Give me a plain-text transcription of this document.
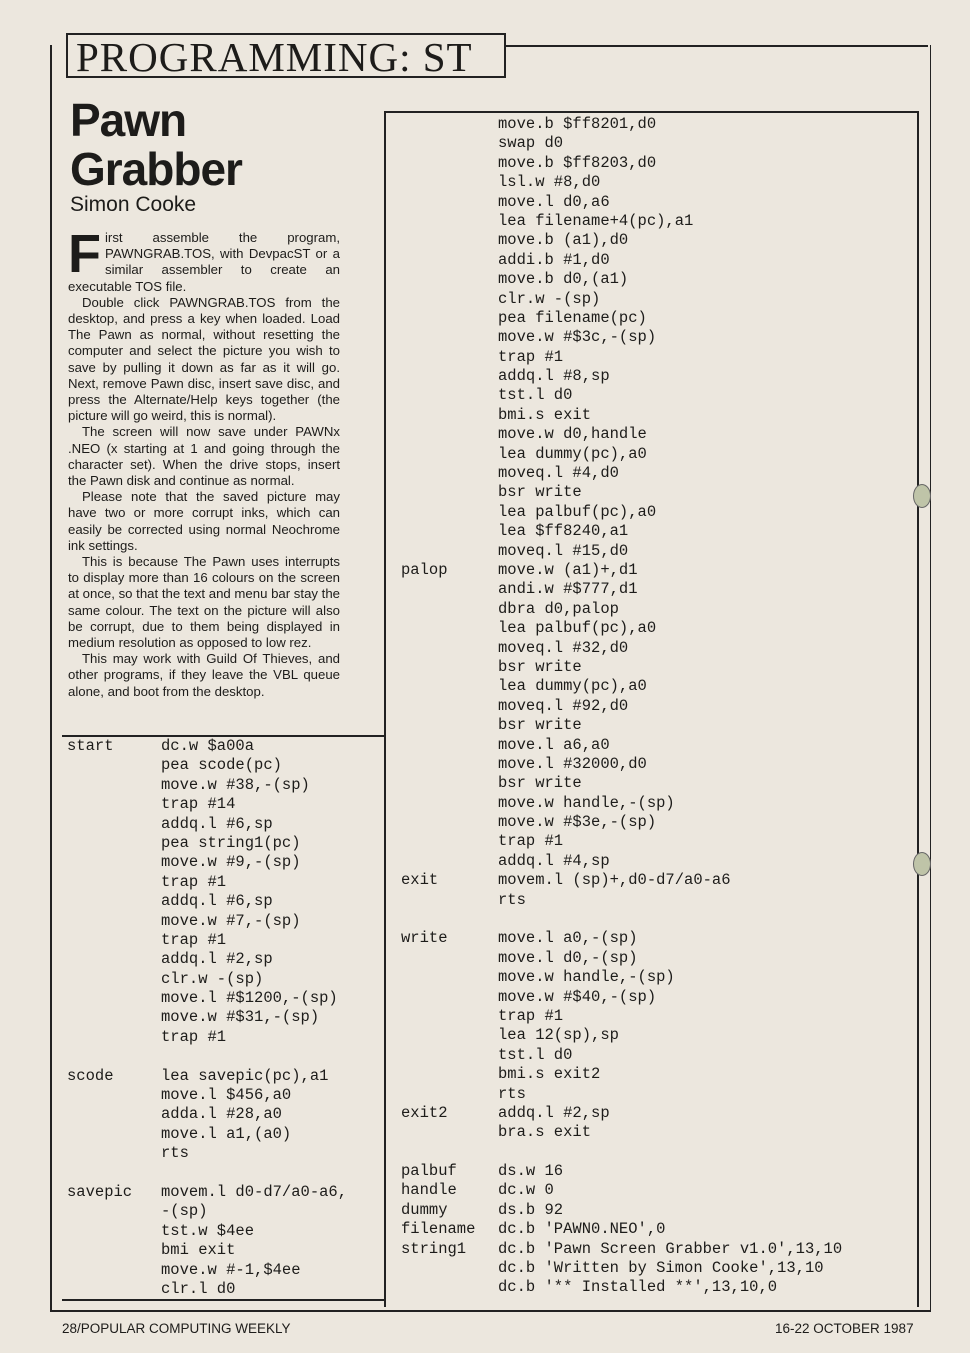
PROGRAMMING: ST
Pawn
Grabber
Simon Cooke

First assemble the program, PAWNGRAB.TOS, with DevpacST or a similar assembler to create an executable TOS file.

Double click PAWNGRAB.TOS from the desktop, and press a key when loaded. Load The Pawn as normal, without resetting the computer and select the picture you wish to save by pulling it down as far as it will go. Next, remove Pawn disc, insert save disc, and press the Alternate/Help keys together (the picture will go weird, this is normal).

The screen will now save under PAWNx .NEO (x starting at 1 and going through the character set). When the drive stops, insert the Pawn disk and continue as normal.

Please note that the saved picture may have two or more corrupt inks, which can easily be corrected using normal Neochrome ink settings.

This is because The Pawn uses interrupts to display more than 16 colours on the screen at once, so that the text and menu bar stay the same colour. The text on the picture will also be corrupt, due to them being displayed in medium resolution as opposed to low rez.

This may work with Guild Of Thieves, and other programs, if they leave the VBL queue alone, and boot from the desktop.

start	dc.w $a00a
pea scode(pc)
move.w #38,-(sp)
trap #14
addq.l #6,sp
pea string1(pc)
move.w #9,-(sp)
trap #1
addq.l #6,sp
move.w #7,-(sp)
trap #1
addq.l #2,sp
clr.w -(sp)
move.l #$1200,-(sp)
move.w #$31,-(sp)
trap #1
scode	lea savepic(pc),a1
move.l $456,a0
adda.l #28,a0
move.l a1,(a0)
rts
savepic movem.l d0-d7/a0-a6,
-(sp)
tst.w $4ee
bmi exit
move.w #-1,$4ee
clr.l d0
move.b $ff8201,d0
swap d0
move.b $ff8203,d0
lsl.w #8,d0
move.l d0,a6
lea filename+4(pc),a1
move.b (a1),d0
addi.b #1,d0
move.b d0,(a1)
clr.w -(sp)
pea filename(pc)
move.w #$3c,-(sp)
trap #1
addq.l #8,sp
tst.l d0
bmi.s exit
move.w d0,handle
lea dummy(pc),a0
moveq.l #4,d0
bsr write
lea palbuf(pc),a0
lea $ff8240,a1
moveq.l #15,d0
palop	move.w (a1)+,d1
andi.w #$777,d1
dbra d0,palop
lea palbuf(pc),a0
moveq.l #32,d0
bsr write
lea dummy(pc),a0
moveq.l #92,d0
bsr write
move.l a6,a0
move.l #32000,d0
bsr write
move.w handle,-(sp)
move.w #$3e,-(sp)
trap #1
addq.l #4,sp
exit	movem.l (sp)+,d0-d7/a0-a6
rts
write	move.l a0,-(sp)
move.l d0,-(sp)
move.w handle,-(sp)
move.w #$40,-(sp)
trap #1
lea 12(sp),sp
tst.l d0
bmi.s exit2
rts
exit2	addq.l #2,sp
bra.s exit
palbuf	ds.w 16
handle	dc.w 0
dummy	ds.b 92
filename dc.b 'PAWN0.NEO',0
string1 dc.b 'Pawn Screen Grabber v1.0',13,10
dc.b 'Written by Simon Cooke',13,10
dc.b '** Installed **',13,10,0
28/POPULAR COMPUTING WEEKLY	16-22 OCTOBER 1987
